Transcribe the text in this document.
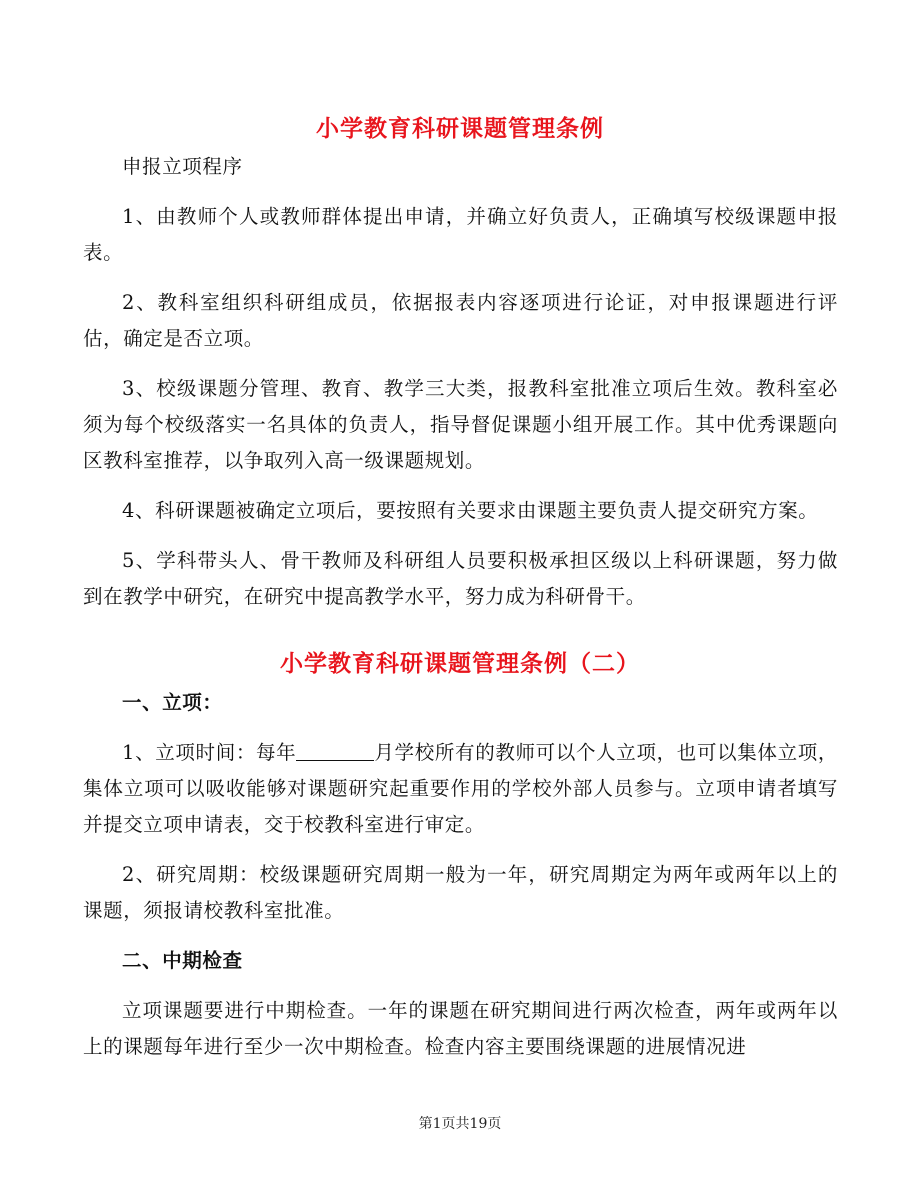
小学教育科研课题管理条例

申报立项程序

1、由教师个人或教师群体提出申请，并确立好负责人，正确填写校级课题申报表。

2、教科室组织科研组成员，依据报表内容逐项进行论证，对申报课题进行评估，确定是否立项。

3、校级课题分管理、教育、教学三大类，报教科室批准立项后生效。教科室必须为每个校级落实一名具体的负责人，指导督促课题小组开展工作。其中优秀课题向区教科室推荐，以争取列入高一级课题规划。

4、科研课题被确定立项后，要按照有关要求由课题主要负责人提交研究方案。

5、学科带头人、骨干教师及科研组人员要积极承担区级以上科研课题，努力做到在教学中研究，在研究中提高教学水平，努力成为科研骨干。

小学教育科研课题管理条例（二）

一、立项：

1、立项时间：每年	月学校所有的教师可以个人立项，也可以集体立项，集体立项可以吸收能够对课题研究起重要作用的学校外部人员参与。立项申请者填写并提交立项申请表，交于校教科室进行审定。

2、研究周期：校级课题研究周期一般为一年，研究周期定为两年或两年以上的课题，须报请校教科室批准。

二、中期检查

立项课题要进行中期检查。一年的课题在研究期间进行两次检查，两年或两年以上的课题每年进行至少一次中期检查。检查内容主要围绕课题的进展情况进

第1页共19页
